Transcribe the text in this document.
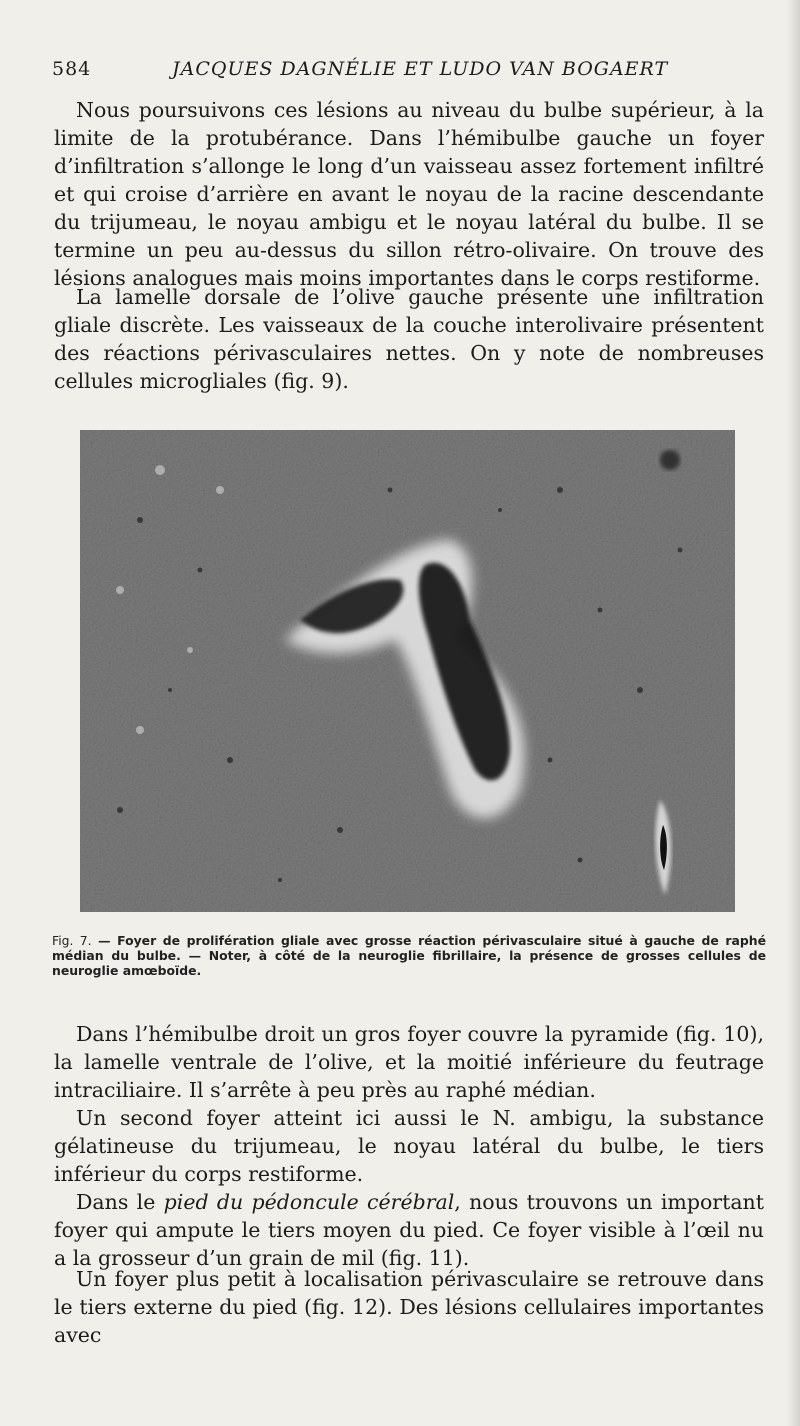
584	JACQUES DAGNÉLIE ET LUDO VAN BOGAERT

Nous poursuivons ces lésions au niveau du bulbe supérieur, à la limite de la protubérance. Dans l’hémibulbe gauche un foyer d’infiltration s’allonge le long d’un vaisseau assez fortement infiltré et qui croise d’arrière en avant le noyau de la racine descendante du trijumeau, le noyau ambigu et le noyau latéral du bulbe. Il se termine un peu au-dessus du sillon rétro-olivaire. On trouve des lésions analogues mais moins importantes dans le corps restiforme.

La lamelle dorsale de l’olive gauche présente une infiltration gliale discrète. Les vaisseaux de la couche interolivaire présentent des réactions périvasculaires nettes. On y note de nombreuses cellules microgliales (fig. 9).

Fig. 7. — Foyer de prolifération gliale avec grosse réaction périvasculaire situé à gauche de raphé médian du bulbe. — Noter, à côté de la neuroglie fibrillaire, la présence de grosses cellules de neuroglie amœboïde.

Dans l’hémibulbe droit un gros foyer couvre la pyramide (fig. 10), la lamelle ventrale de l’olive, et la moitié inférieure du feutrage intraciliaire. Il s’arrête à peu près au raphé médian.

Un second foyer atteint ici aussi le N. ambigu, la substance gélatineuse du trijumeau, le noyau latéral du bulbe, le tiers inférieur du corps restiforme.

Dans le pied du pédoncule cérébral, nous trouvons un important foyer qui ampute le tiers moyen du pied. Ce foyer visible à l’œil nu a la grosseur d’un grain de mil (fig. 11).

Un foyer plus petit à localisation périvasculaire se retrouve dans le tiers externe du pied (fig. 12). Des lésions cellulaires importantes avec
